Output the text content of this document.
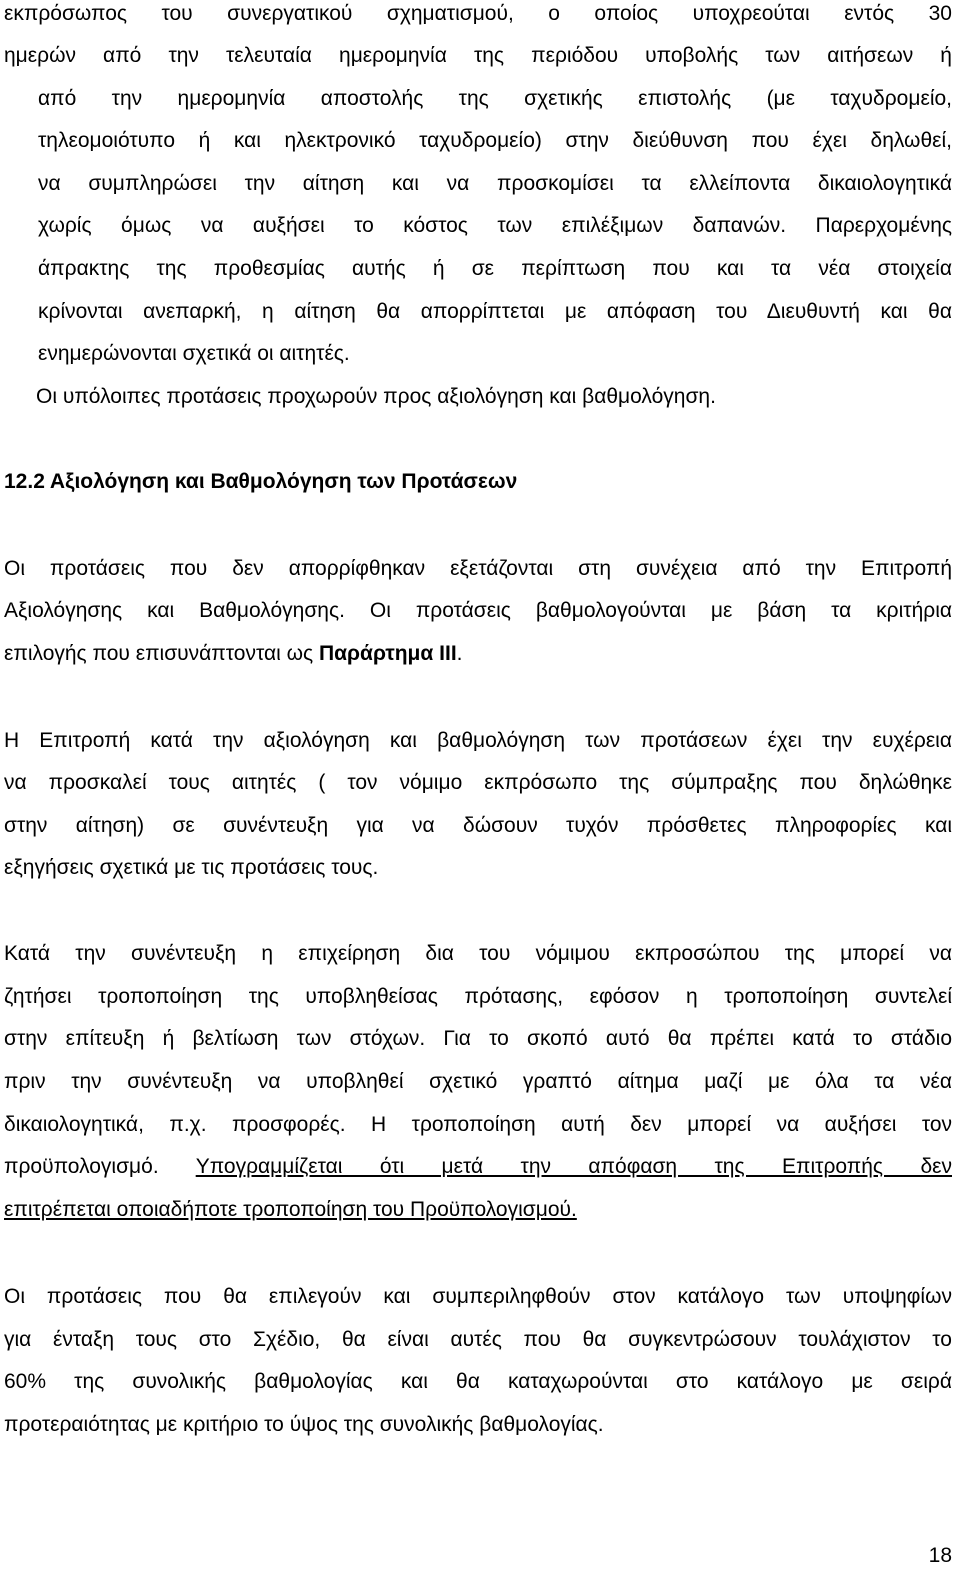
εκπρόσωπος του συνεργατικού σχηματισμού, ο οποίος υποχρεούται εντός 30
ημερών από την τελευταία ημερομηνία της περιόδου υποβολής των αιτήσεων ή
από την ημερομηνία αποστολής της σχετικής επιστολής (με ταχυδρομείο,
τηλεομοιότυπο ή και ηλεκτρονικό ταχυδρομείο) στην διεύθυνση που έχει δηλωθεί,
να συμπληρώσει την αίτηση και να προσκομίσει τα ελλείποντα δικαιολογητικά
χωρίς όμως να αυξήσει το κόστος των επιλέξιμων δαπανών. Παρερχομένης
άπρακτης της προθεσμίας αυτής ή σε περίπτωση που και τα νέα στοιχεία
κρίνονται ανεπαρκή, η αίτηση θα απορρίπτεται με απόφαση του Διευθυντή και θα
ενημερώνονται σχετικά οι αιτητές.
Οι υπόλοιπες προτάσεις προχωρούν προς αξιολόγηση και βαθμολόγηση.
12.2 Αξιολόγηση και Βαθμολόγηση των Προτάσεων
Οι προτάσεις που δεν απορρίφθηκαν εξετάζονται στη συνέχεια από την Επιτροπή
Αξιολόγησης και Βαθμολόγησης. Οι προτάσεις βαθμολογούνται με βάση τα κριτήρια
επιλογής που επισυνάπτονται ως Παράρτημα ΙΙΙ.
Η Επιτροπή κατά την αξιολόγηση και βαθμολόγηση των προτάσεων έχει την ευχέρεια
να προσκαλεί τους αιτητές ( τον νόμιμο εκπρόσωπο της σύμπραξης που δηλώθηκε
στην αίτηση) σε συνέντευξη για να δώσουν τυχόν πρόσθετες πληροφορίες και
εξηγήσεις σχετικά με τις προτάσεις τους.
Κατά την συνέντευξη η επιχείρηση δια του νόμιμου εκπροσώπου της μπορεί να
ζητήσει τροποποίηση της υποβληθείσας πρότασης, εφόσον η τροποποίηση συντελεί
στην επίτευξη ή βελτίωση των στόχων. Για το σκοπό αυτό θα πρέπει κατά το στάδιο
πριν την συνέντευξη να υποβληθεί σχετικό γραπτό αίτημα μαζί με όλα τα νέα
δικαιολογητικά, π.χ. προσφορές. Η τροποποίηση αυτή δεν μπορεί να αυξήσει τον
προϋπολογισμό. Υπογραμμίζεται ότι μετά την απόφαση της Επιτροπής δεν
επιτρέπεται οποιαδήποτε τροποποίηση του Προϋπολογισμού.
Οι προτάσεις που θα επιλεγούν και συμπεριληφθούν στον κατάλογο των υποψηφίων
για ένταξη τους στο Σχέδιο, θα είναι αυτές που θα συγκεντρώσουν τουλάχιστον το
60% της συνολικής βαθμολογίας και θα καταχωρούνται στο κατάλογο με σειρά
προτεραιότητας με κριτήριο το ύψος της συνολικής βαθμολογίας.
18
